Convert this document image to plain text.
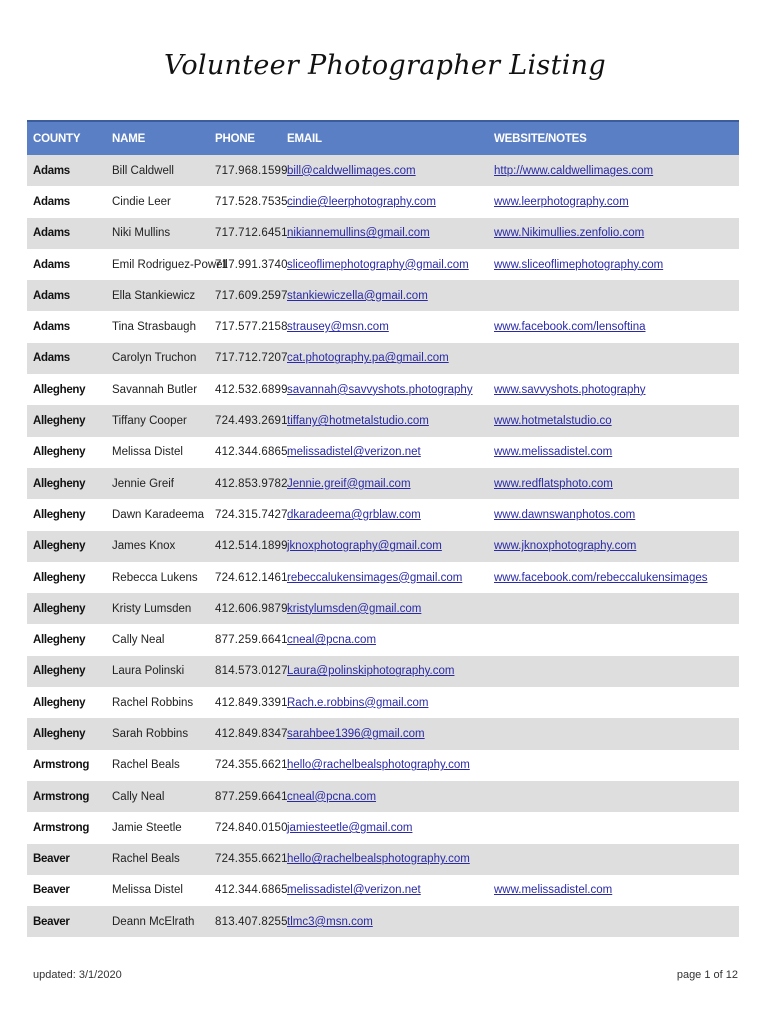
Volunteer Photographer Listing
COUNTY	NAME	PHONE	EMAIL	WEBSITE/NOTES
Adams	Bill Caldwell	717.968.1599	bill@caldwellimages.com	http://www.caldwellimages.com
Adams	Cindie Leer	717.528.7535	cindie@leerphotography.com	www.leerphotography.com
Adams	Niki Mullins	717.712.6451	nikiannemullins@gmail.com	www.Nikimullies.zenfolio.com
Adams	Emil Rodriguez-Powell	717.991.3740	sliceoflimephotography@gmail.com	www.sliceoflimephotography.com
Adams	Ella Stankiewicz	717.609.2597	stankiewiczella@gmail.com	
Adams	Tina Strasbaugh	717.577.2158	strausey@msn.com	www.facebook.com/lensoftina
Adams	Carolyn Truchon	717.712.7207	cat.photography.pa@gmail.com	
Allegheny	Savannah Butler	412.532.6899	savannah@savvyshots.photography	www.savvyshots.photography
Allegheny	Tiffany Cooper	724.493.2691	tiffany@hotmetalstudio.com	www.hotmetalstudio.co
Allegheny	Melissa Distel	412.344.6865	melissadistel@verizon.net	www.melissadistel.com
Allegheny	Jennie Greif	412.853.9782	Jennie.greif@gmail.com	www.redflatsphoto.com
Allegheny	Dawn Karadeema	724.315.7427	dkaradeema@grblaw.com	www.dawnswanphotos.com
Allegheny	James Knox	412.514.1899	jknoxphotography@gmail.com	www.jknoxphotography.com
Allegheny	Rebecca Lukens	724.612.1461	rebeccalukensimages@gmail.com	www.facebook.com/rebeccalukensimages
Allegheny	Kristy Lumsden	412.606.9879	kristylumsden@gmail.com	
Allegheny	Cally Neal	877.259.6641	cneal@pcna.com	
Allegheny	Laura Polinski	814.573.0127	Laura@polinskiphotography.com	
Allegheny	Rachel Robbins	412.849.3391	Rach.e.robbins@gmail.com	
Allegheny	Sarah Robbins	412.849.8347	sarahbee1396@gmail.com	
Armstrong	Rachel Beals	724.355.6621	hello@rachelbealsphotography.com	
Armstrong	Cally Neal	877.259.6641	cneal@pcna.com	
Armstrong	Jamie Steetle	724.840.0150	jamiesteetle@gmail.com	
Beaver	Rachel Beals	724.355.6621	hello@rachelbealsphotography.com	
Beaver	Melissa Distel	412.344.6865	melissadistel@verizon.net	www.melissadistel.com
Beaver	Deann McElrath	813.407.8255	tlmc3@msn.com	
updated: 3/1/2020	page 1 of 12
